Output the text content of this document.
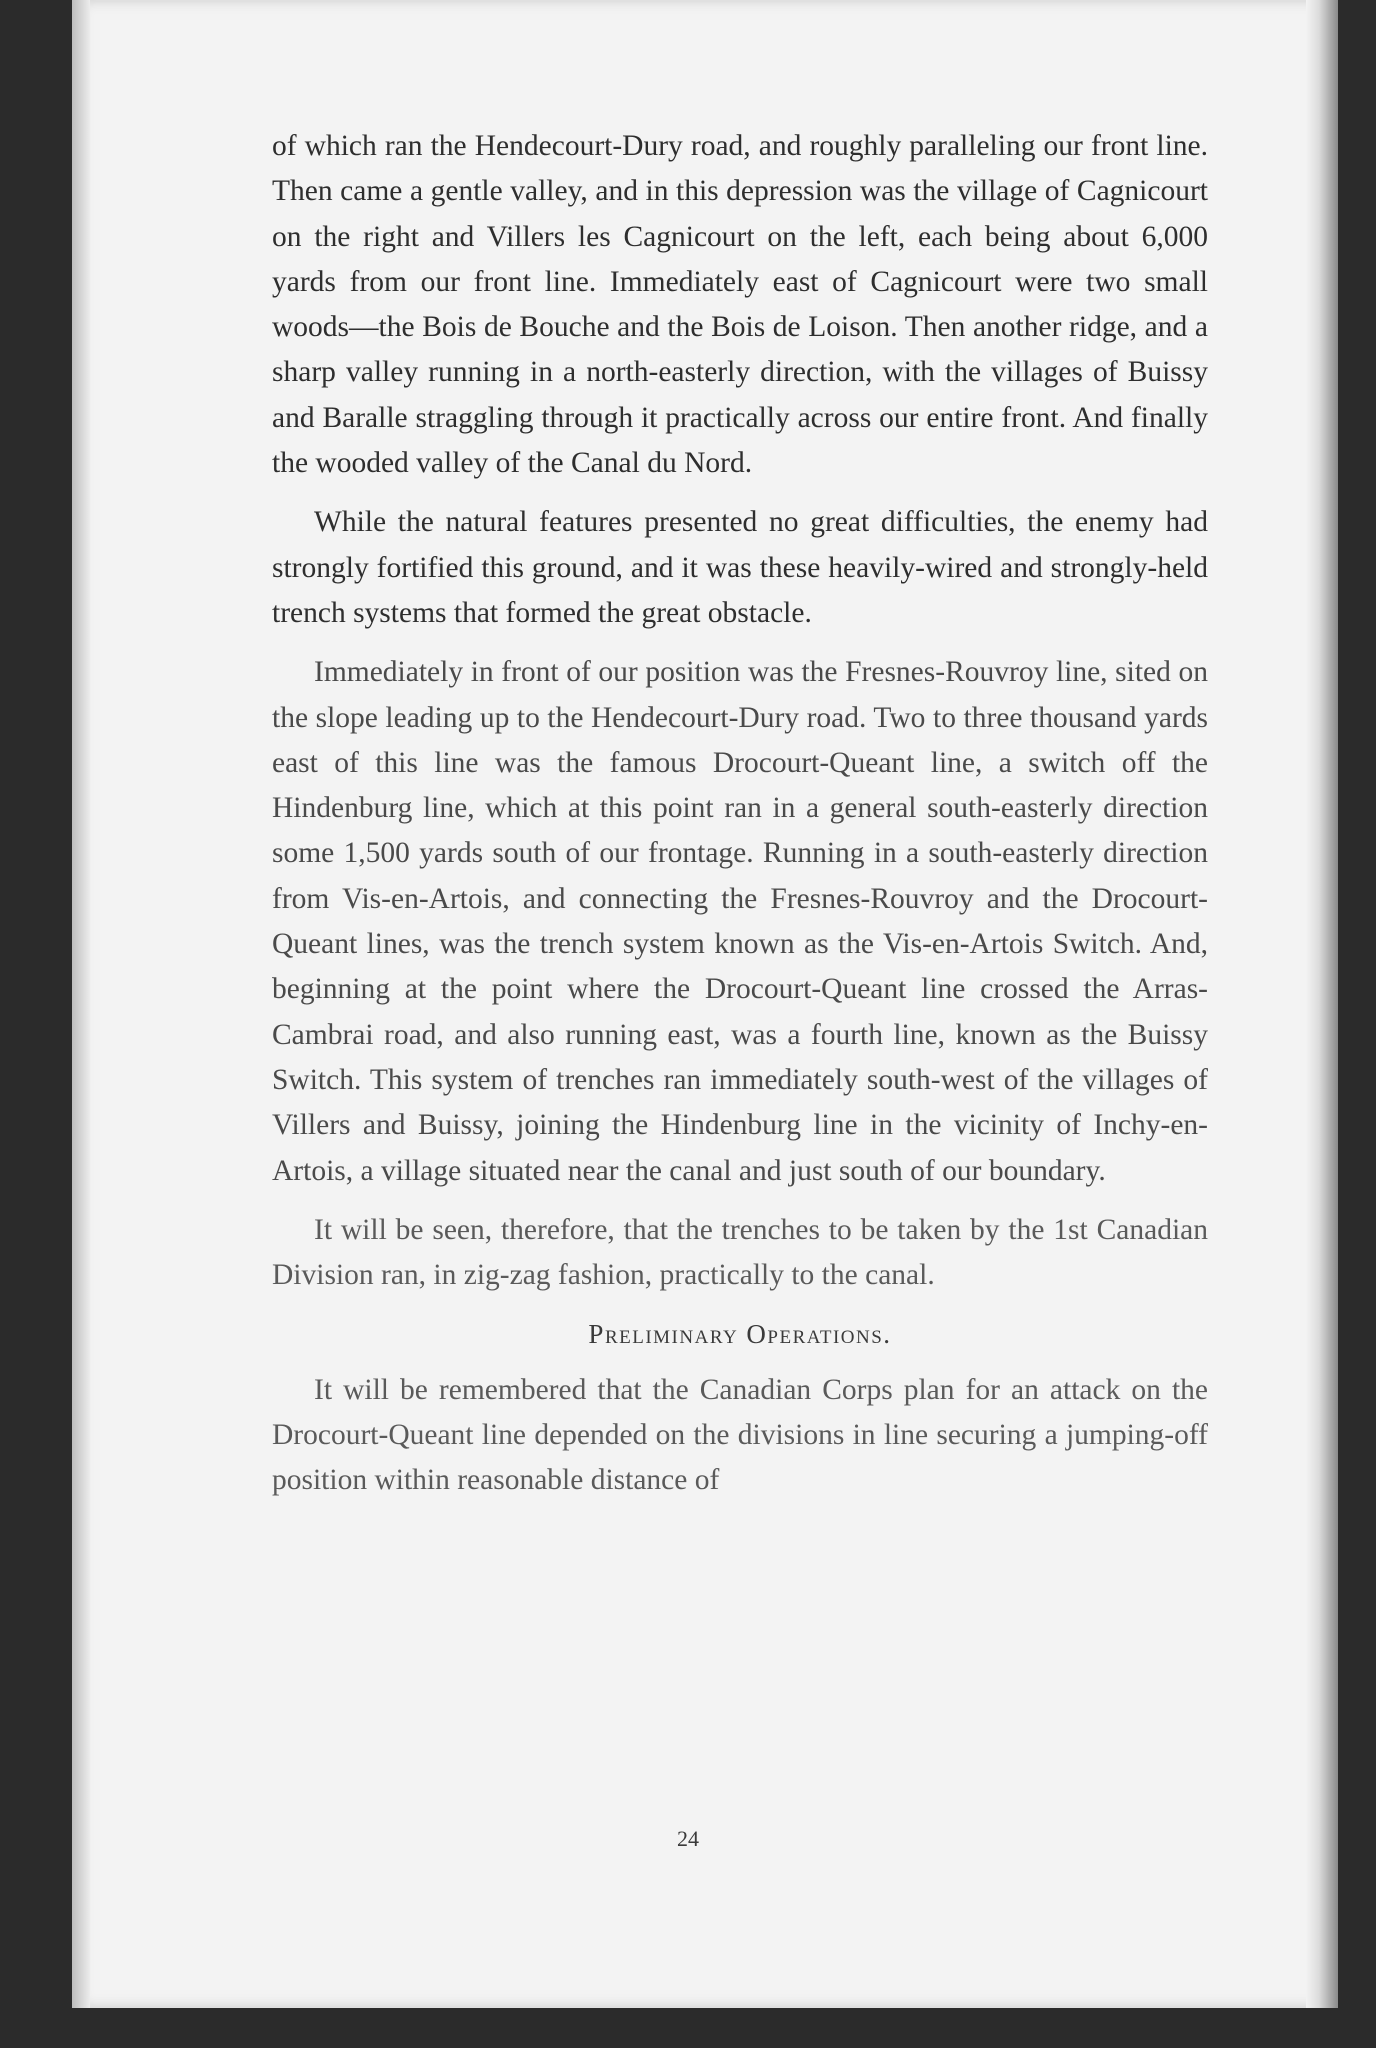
of which ran the Hendecourt-Dury road, and roughly paralleling our front line. Then came a gentle valley, and in this depression was the village of Cagnicourt on the right and Villers les Cagnicourt on the left, each being about 6,000 yards from our front line. Immediately east of Cagnicourt were two small woods—the Bois de Bouche and the Bois de Loison. Then another ridge, and a sharp valley running in a north-easterly direction, with the villages of Buissy and Baralle straggling through it practically across our entire front. And finally the wooded valley of the Canal du Nord.

While the natural features presented no great difficulties, the enemy had strongly fortified this ground, and it was these heavily-wired and strongly-held trench systems that formed the great obstacle.

Immediately in front of our position was the Fresnes-Rouvroy line, sited on the slope leading up to the Hendecourt-Dury road. Two to three thousand yards east of this line was the famous Drocourt-Queant line, a switch off the Hindenburg line, which at this point ran in a general south-easterly direction some 1,500 yards south of our frontage. Running in a south-easterly direction from Vis-en-Artois, and connecting the Fresnes-Rouvroy and the Drocourt-Queant lines, was the trench system known as the Vis-en-Artois Switch. And, beginning at the point where the Drocourt-Queant line crossed the Arras-Cambrai road, and also running east, was a fourth line, known as the Buissy Switch. This system of trenches ran immediately south-west of the villages of Villers and Buissy, joining the Hindenburg line in the vicinity of Inchy-en-Artois, a village situated near the canal and just south of our boundary.

It will be seen, therefore, that the trenches to be taken by the 1st Canadian Division ran, in zig-zag fashion, practically to the canal.

Preliminary Operations.

It will be remembered that the Canadian Corps plan for an attack on the Drocourt-Queant line depended on the divisions in line securing a jumping-off position within reasonable distance of

24
